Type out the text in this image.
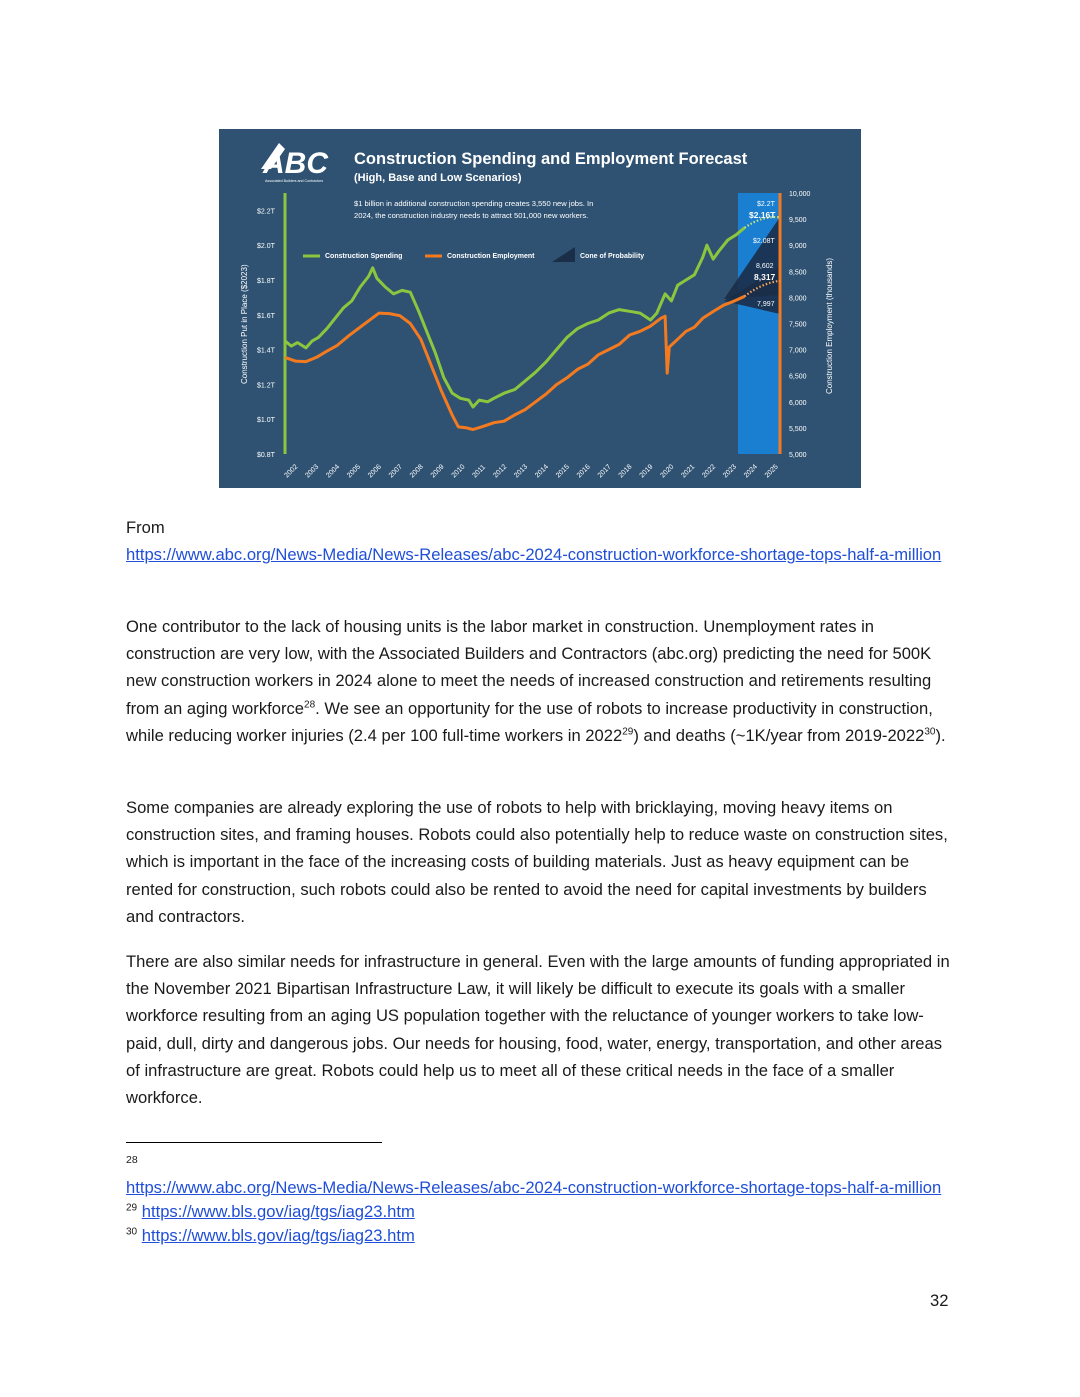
ABC
Associated Builders and Contractors
Construction Spending and Employment Forecast
(High, Base and Low Scenarios)
$1 billion in additional construction spending creates 3,550 new jobs. In
2024, the construction industry needs to attract 501,000 new workers.
Construction Spending	Construction Employment	Cone of Probability
Construction Put in Place ($2023)	Construction Employment (thousands)
$0.8T
$1.0T
$1.2T
$1.4T
$1.6T
$1.8T
$2.0T
$2.2T
5,000
5,500
6,000
6,500
7,000
7,500
8,000
8,500
9,000
9,500
10,000
2002 2003 2004 2005 2006 2007 2008 2009 2010 2011 2012 2013 2014 2015 2016 2017 2018 2019 2020 2021 2022 2023 2024 2025
$2.2T
$2.16T
$2.08T
8,602
8,317
7,997

From

https://www.abc.org/News-Media/News-Releases/abc-2024-construction-workforce-shortage-tops-half-a-million

One contributor to the lack of housing units is the labor market in construction. Unemployment rates in construction are very low, with the Associated Builders and Contractors (abc.org) predicting the need for 500K new construction workers in 2024 alone to meet the needs of increased construction and retirements resulting from an aging workforce$^{28}$. We see an opportunity for the use of robots to increase productivity in construction, while reducing worker injuries (2.4 per 100 full-time workers in 2022$^{29}$) and deaths (~1K/year from 2019-2022$^{30}$).

Some companies are already exploring the use of robots to help with bricklaying, moving heavy items on construction sites, and framing houses. Robots could also potentially help to reduce waste on construction sites, which is important in the face of the increasing costs of building materials. Just as heavy equipment can be rented for construction, such robots could also be rented to avoid the need for capital investments by builders and contractors.

There are also similar needs for infrastructure in general. Even with the large amounts of funding appropriated in the November 2021 Bipartisan Infrastructure Law, it will likely be difficult to execute its goals with a smaller workforce resulting from an aging US population together with the reluctance of younger workers to take low-paid, dull, dirty and dangerous jobs. Our needs for housing, food, water, energy, transportation, and other areas of infrastructure are great. Robots could help us to meet all of these critical needs in the face of a smaller workforce.

28

https://www.abc.org/News-Media/News-Releases/abc-2024-construction-workforce-shortage-tops-half-a-million

$^{29}$ https://www.bls.gov/iag/tgs/iag23.htm

$^{30}$ https://www.bls.gov/iag/tgs/iag23.htm

32
